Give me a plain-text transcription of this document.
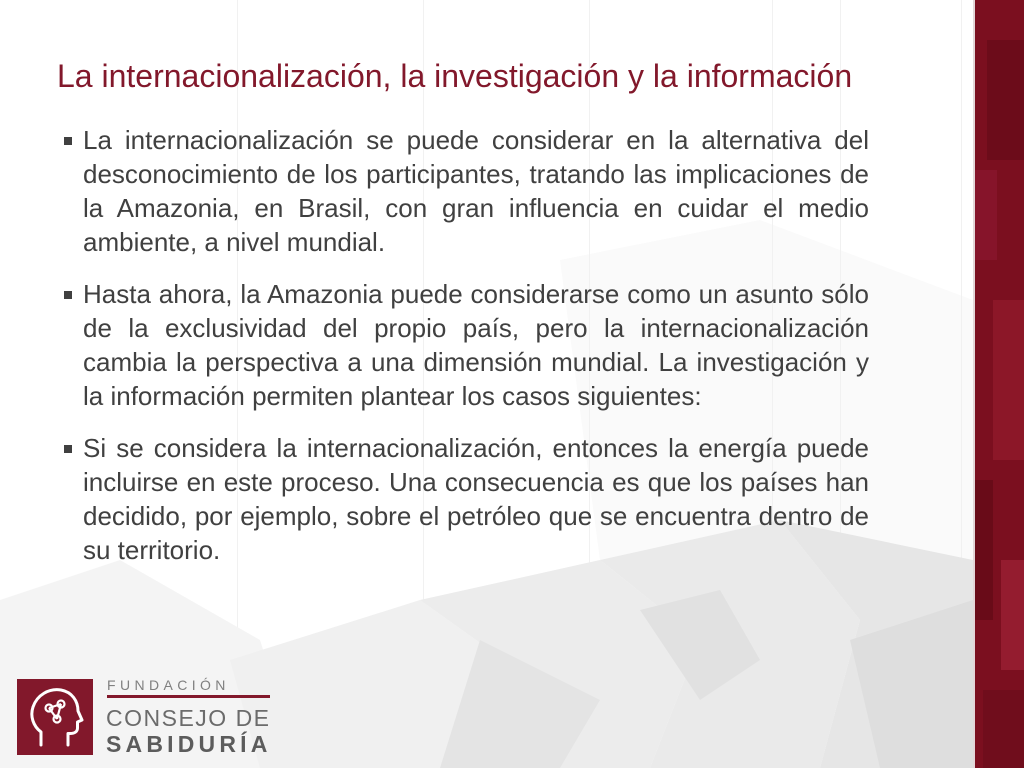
La internacionalización, la investigación y la información
La internacionalización se puede considerar en la alternativa del desconocimiento de los participantes, tratando las implicaciones de la Amazonia, en Brasil, con gran influencia en cuidar el medio ambiente, a nivel mundial.
Hasta ahora, la Amazonia puede considerarse como un asunto sólo de la exclusividad del propio país, pero la internacionalización cambia la perspectiva a una dimensión mundial. La investigación y la información permiten plantear los casos siguientes:
Si se considera la internacionalización, entonces la energía puede incluirse en este proceso. Una consecuencia es que los países han decidido, por ejemplo, sobre el petróleo que se encuentra dentro de su territorio.
FUNDACIÓN
CONSEJO DE
SABIDURÍA
